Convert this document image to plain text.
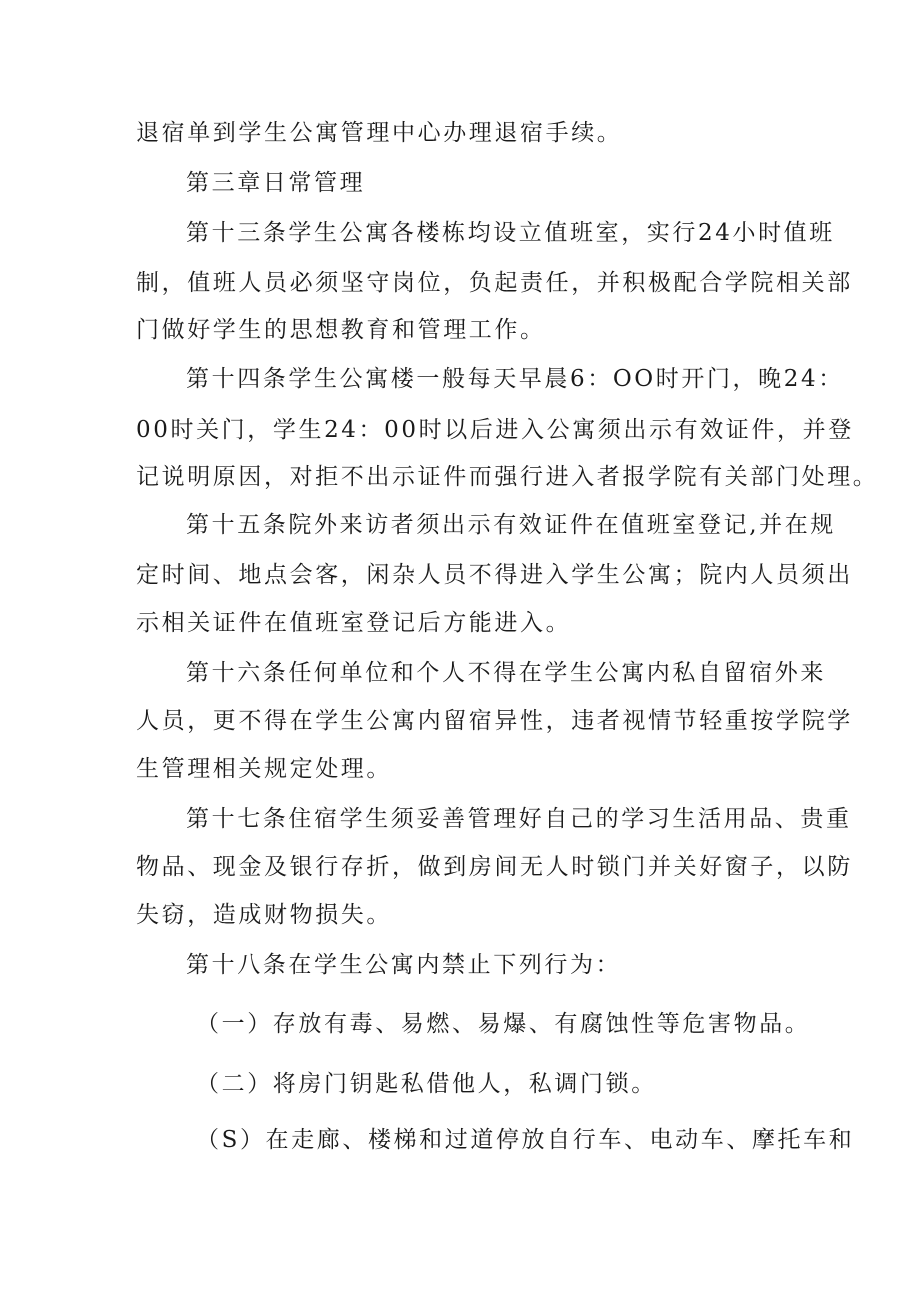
退宿单到学生公寓管理中心办理退宿手续。
第三章日常管理
第十三条学生公寓各楼栋均设立值班室，实行24小时值班
制，值班人员必须坚守岗位，负起责任，并积极配合学院相关部
门做好学生的思想教育和管理工作。
第十四条学生公寓楼一般每天早晨6：OO时开门，晚24：
00时关门，学生24：00时以后进入公寓须出示有效证件，并登
记说明原因，对拒不出示证件而强行进入者报学院有关部门处理。
第十五条院外来访者须出示有效证件在值班室登记,并在规
定时间、地点会客，闲杂人员不得进入学生公寓；院内人员须出
示相关证件在值班室登记后方能进入。
第十六条任何单位和个人不得在学生公寓内私自留宿外来
人员，更不得在学生公寓内留宿异性，违者视情节轻重按学院学
生管理相关规定处理。
第十七条住宿学生须妥善管理好自己的学习生活用品、贵重
物品、现金及银行存折，做到房间无人时锁门并关好窗子，以防
失窃，造成财物损失。
第十八条在学生公寓内禁止下列行为：
（一）存放有毒、易燃、易爆、有腐蚀性等危害物品。
（二）将房门钥匙私借他人，私调门锁。
（S）在走廊、楼梯和过道停放自行车、电动车、摩托车和
